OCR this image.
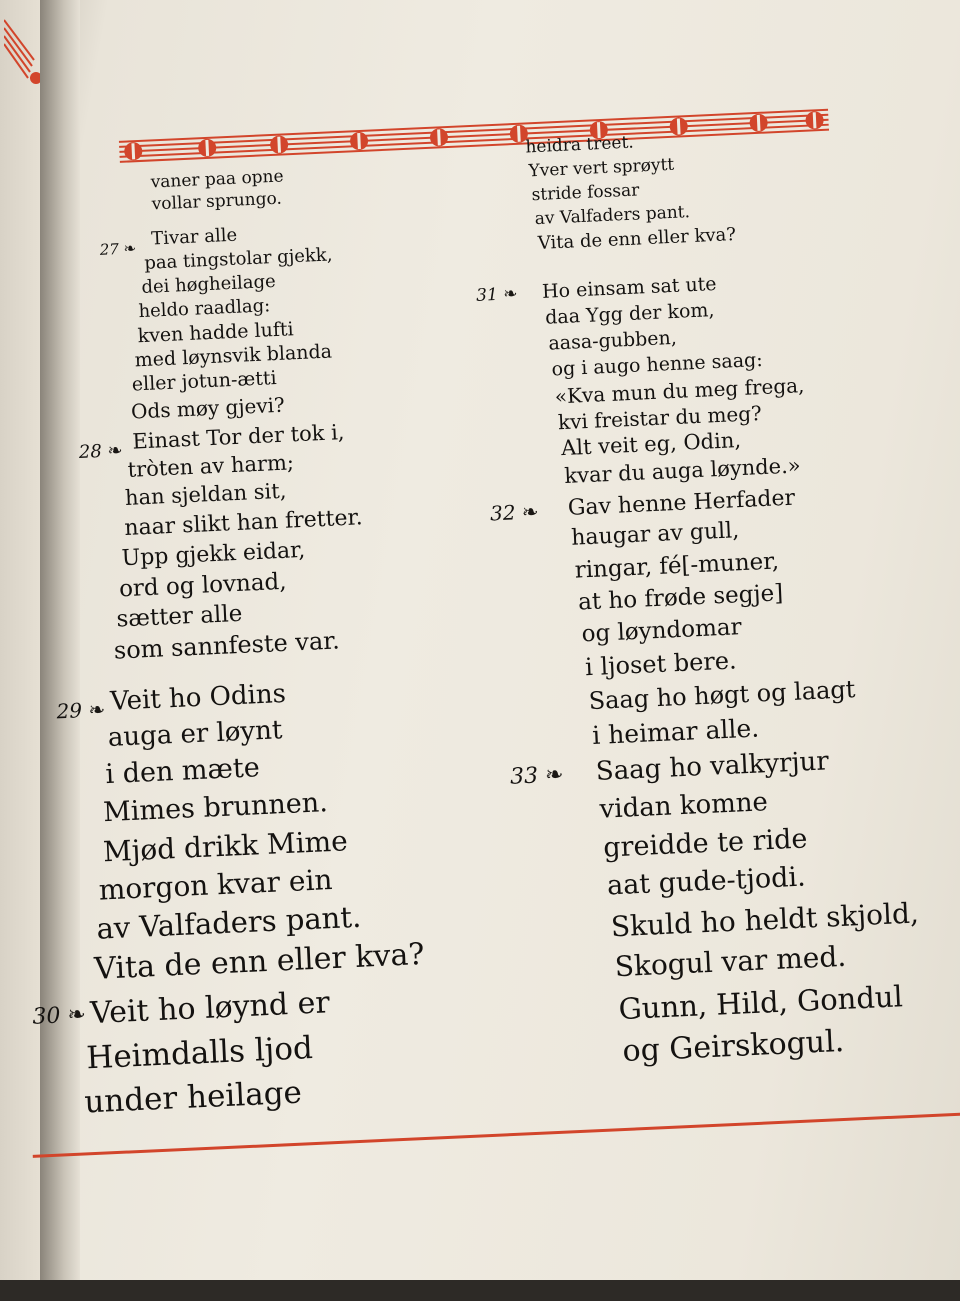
vaner paa opne
vollar sprungo.
Tivar alle
paa tingstolar gjekk,
dei høgheilage
heldo raadlag:
kven hadde lufti
med løynsvik blanda
eller jotun-ætti
Ods møy gjevi?
Einast Tor der tok i,
tròten av harm;
han sjeldan sit,
naar slikt han fretter.
Upp gjekk eidar,
ord og lovnad,
sætter alle
som sannfeste var.
Veit ho Odins
auga er løynt
i den mæte
Mimes brunnen.
Mjød drikk Mime
morgon kvar ein
av Valfaders pant.
Vita de enn eller kva?
Veit ho løynd er
Heimdalls ljod
under heilage
27 ❧
28 ❧
29 ❧
30 ❧
heidra treet.
Yver vert sprøytt
stride fossar
av Valfaders pant.
Vita de enn eller kva?
Ho einsam sat ute
daa Ygg der kom,
aasa-gubben,
og i augo henne saag:
«Kva mun du meg frega,
kvi freistar du meg?
Alt veit eg, Odin,
kvar du auga løynde.»
Gav henne Herfader
haugar av gull,
ringar, fé[-muner,
at ho frøde segje]
og løyndomar
i ljoset bere.
Saag ho høgt og laagt
i heimar alle.
Saag ho valkyrjur
vidan komne
greidde te ride
aat gude-tjodi.
Skuld ho heldt skjold,
Skogul var med.
Gunn, Hild, Gondul
og Geirskogul.
31 ❧
32 ❧
33 ❧
